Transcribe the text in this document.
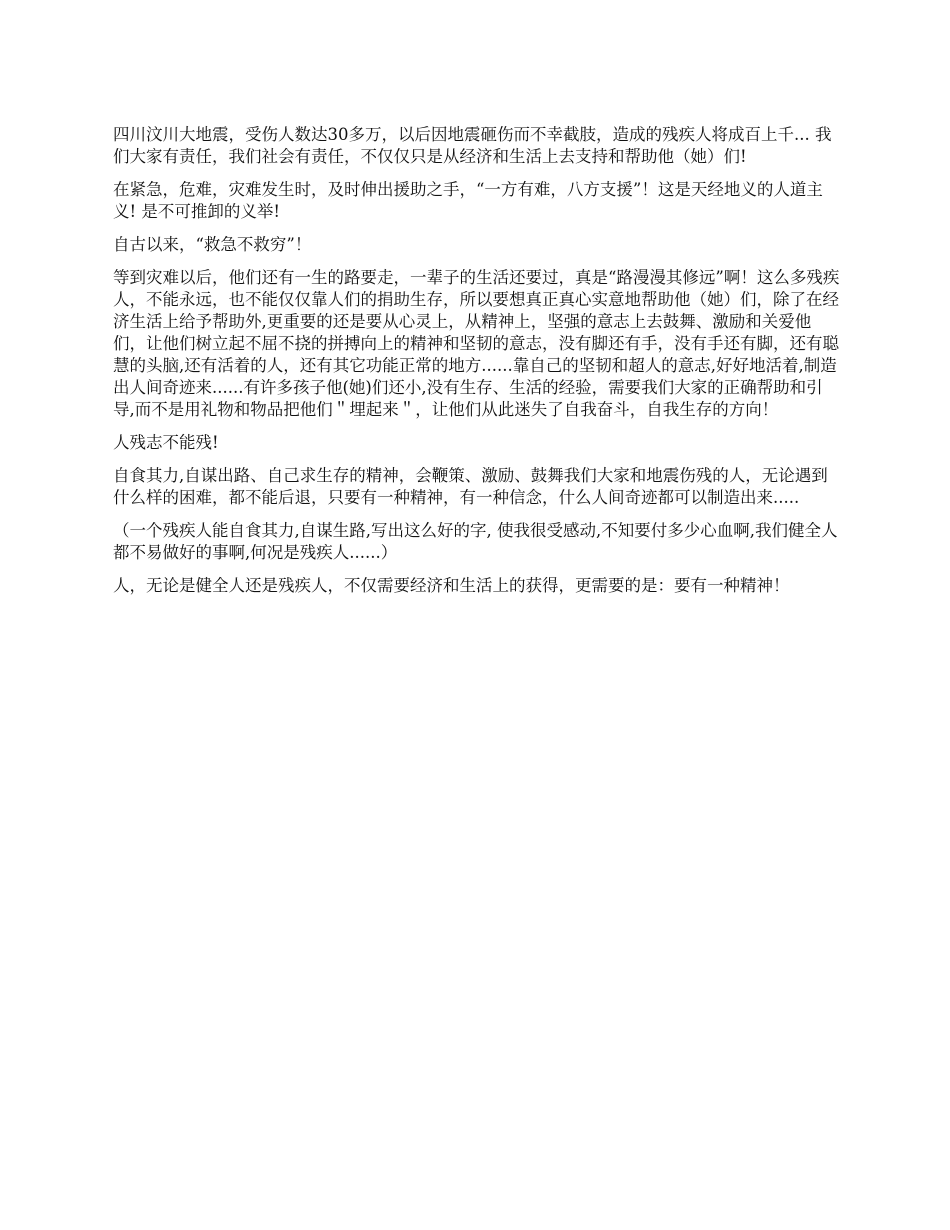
四川汶川大地震，受伤人数达30多万，以后因地震砸伤而不幸截肢，造成的残疾人将成百上千... 我们大家有责任，我们社会有责任，不仅仅只是从经济和生活上去支持和帮助他（她）们!

在紧急，危难，灾难发生时，及时伸出援助之手，“一方有难，八方支援”！这是天经地义的人道主义! 是不可推卸的义举!

自古以来，“救急不救穷”！

等到灾难以后，他们还有一生的路要走，一辈子的生活还要过，真是“路漫漫其修远”啊！这么多残疾人，不能永远，也不能仅仅靠人们的捐助生存，所以要想真正真心实意地帮助他（她）们，除了在经济生活上给予帮助外,更重要的还是要从心灵上，从精神上，坚强的意志上去鼓舞、激励和关爱他们，让他们树立起不屈不挠的拼搏向上的精神和坚韧的意志，没有脚还有手，没有手还有脚，还有聪慧的头脑,还有活着的人，还有其它功能正常的地方......靠自己的坚韧和超人的意志,好好地活着,制造出人间奇迹来......有许多孩子他(她)们还小,没有生存、生活的经验，需要我们大家的正确帮助和引导,而不是用礼物和物品把他们＂埋起来＂，让他们从此迷失了自我奋斗，自我生存的方向！

人残志不能残!

自食其力,自谋出路、自己求生存的精神，会鞭策、激励、鼓舞我们大家和地震伤残的人，无论遇到什么样的困难，都不能后退，只要有一种精神，有一种信念，什么人间奇迹都可以制造出来.....

（一个残疾人能自食其力,自谋生路,写出这么好的字, 使我很受感动,不知要付多少心血啊,我们健全人都不易做好的事啊,何况是残疾人......）

人，无论是健全人还是残疾人，不仅需要经济和生活上的获得，更需要的是：要有一种精神！
